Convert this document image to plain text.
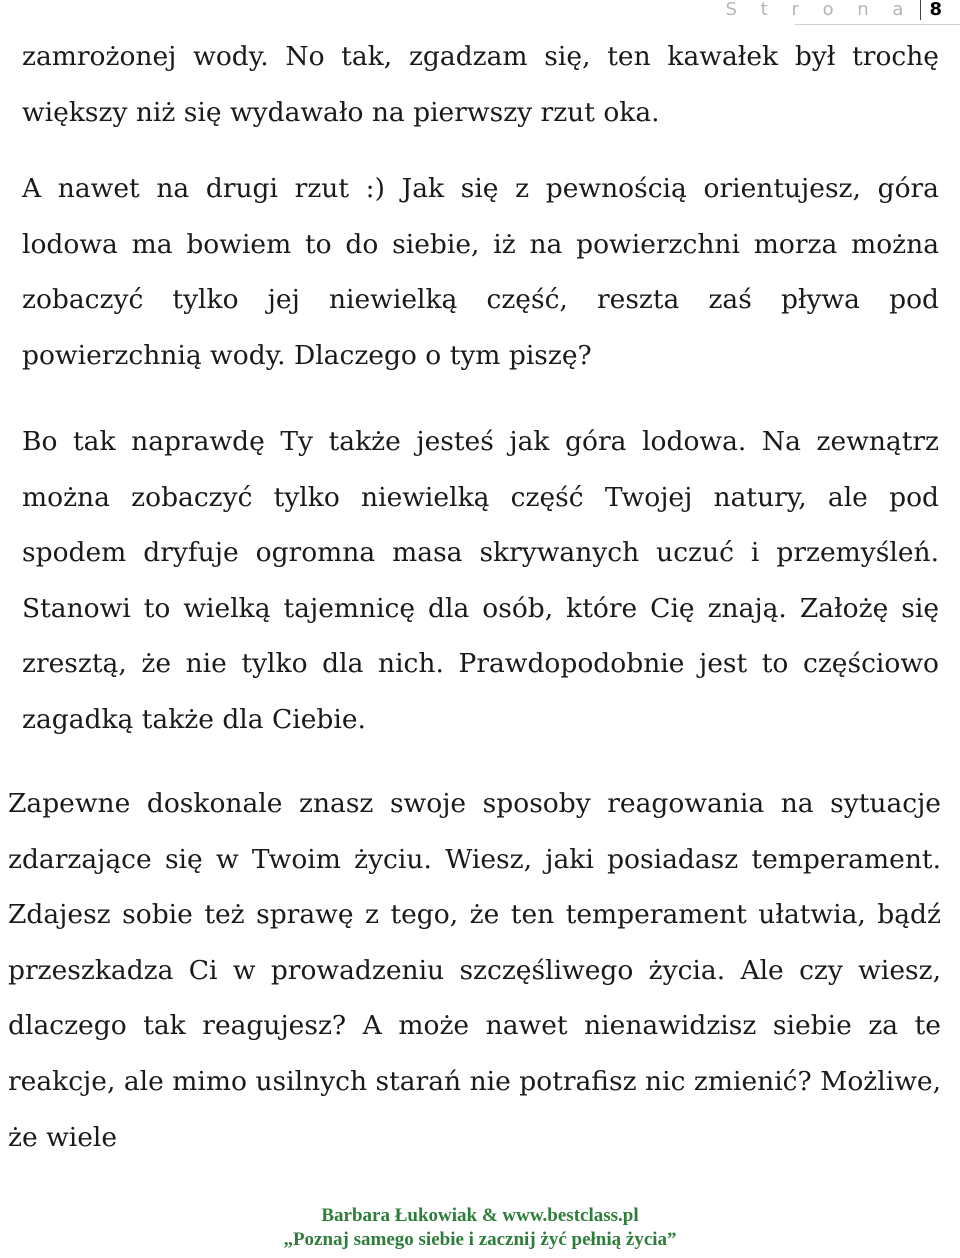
S t r o n a 8

zamrożonej wody. No tak, zgadzam się, ten kawałek był trochę większy niż się wydawało na pierwszy rzut oka.

A nawet na drugi rzut :) Jak się z pewnością orientujesz, góra lodowa ma bowiem to do siebie, iż na powierzchni morza można zobaczyć tylko jej niewielką część, reszta zaś pływa pod powierzchnią wody. Dlaczego o tym piszę?

Bo tak naprawdę Ty także jesteś jak góra lodowa. Na zewnątrz można zobaczyć tylko niewielką część Twojej natury, ale pod spodem dryfuje ogromna masa skrywanych uczuć i przemyśleń. Stanowi to wielką tajemnicę dla osób, które Cię znają. Założę się zresztą, że nie tylko dla nich. Prawdopodobnie jest to częściowo zagadką także dla Ciebie.

Zapewne doskonale znasz swoje sposoby reagowania na sytuacje zdarzające się w Twoim życiu. Wiesz, jaki posiadasz temperament. Zdajesz sobie też sprawę z tego, że ten temperament ułatwia, bądź przeszkadza Ci w prowadzeniu szczęśliwego życia. Ale czy wiesz, dlaczego tak reagujesz? A może nawet nienawidzisz siebie za te reakcje, ale mimo usilnych starań nie potrafisz nic zmienić? Możliwe, że wiele

Barbara Łukowiak & www.bestclass.pl
„Poznaj samego siebie i zacznij żyć pełnią życia”
